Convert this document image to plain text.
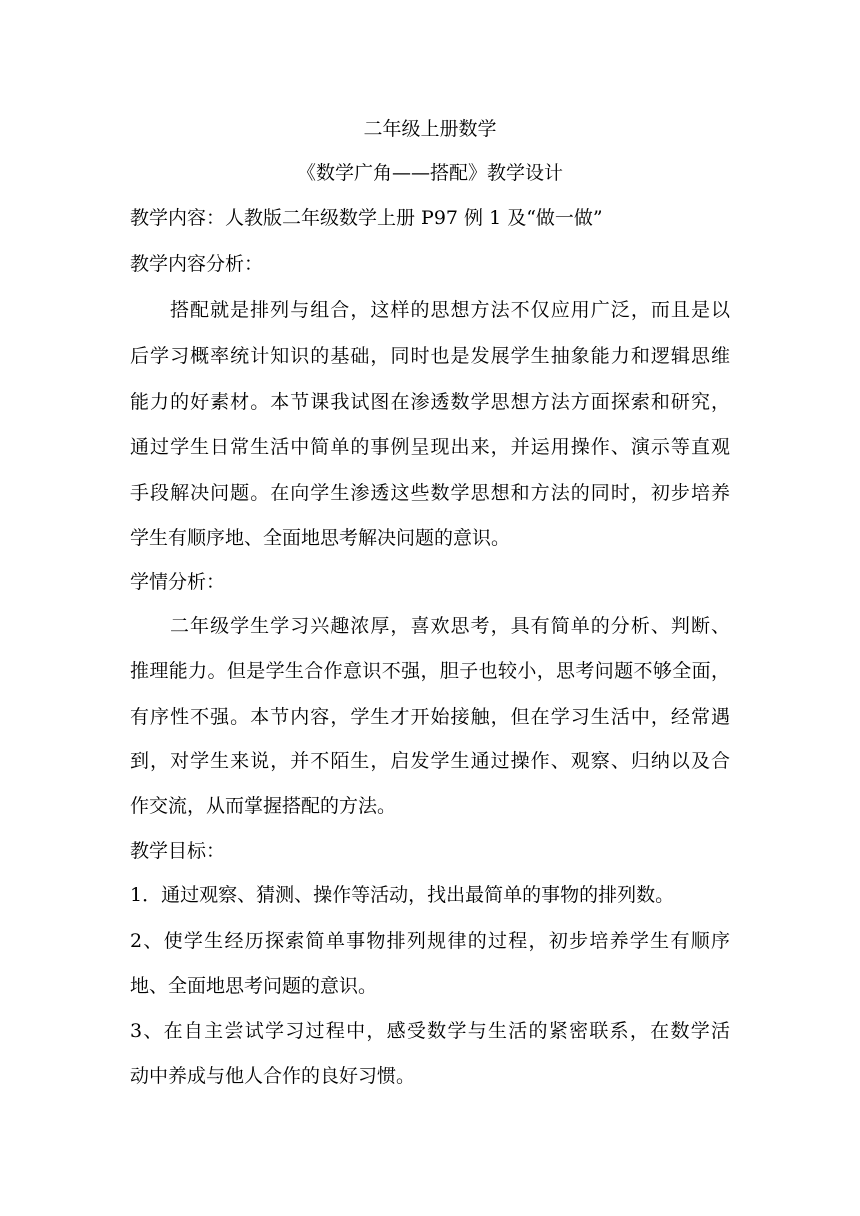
二年级上册数学
《数学广角——搭配》教学设计
教学内容：人教版二年级数学上册 P97 例 1 及“做一做”
教学内容分析：
搭配就是排列与组合，这样的思想方法不仅应用广泛，而且是以
后学习概率统计知识的基础，同时也是发展学生抽象能力和逻辑思维
能力的好素材。本节课我试图在渗透数学思想方法方面探索和研究，
通过学生日常生活中简单的事例呈现出来，并运用操作、演示等直观
手段解决问题。在向学生渗透这些数学思想和方法的同时，初步培养
学生有顺序地、全面地思考解决问题的意识。
学情分析：
二年级学生学习兴趣浓厚，喜欢思考，具有简单的分析、判断、
推理能力。但是学生合作意识不强，胆子也较小，思考问题不够全面，
有序性不强。本节内容，学生才开始接触，但在学习生活中，经常遇
到，对学生来说，并不陌生，启发学生通过操作、观察、归纳以及合
作交流，从而掌握搭配的方法。
教学目标：
1．通过观察、猜测、操作等活动，找出最简单的事物的排列数。
2、使学生经历探索简单事物排列规律的过程，初步培养学生有顺序
地、全面地思考问题的意识。
3、在自主尝试学习过程中，感受数学与生活的紧密联系，在数学活
动中养成与他人合作的良好习惯。
